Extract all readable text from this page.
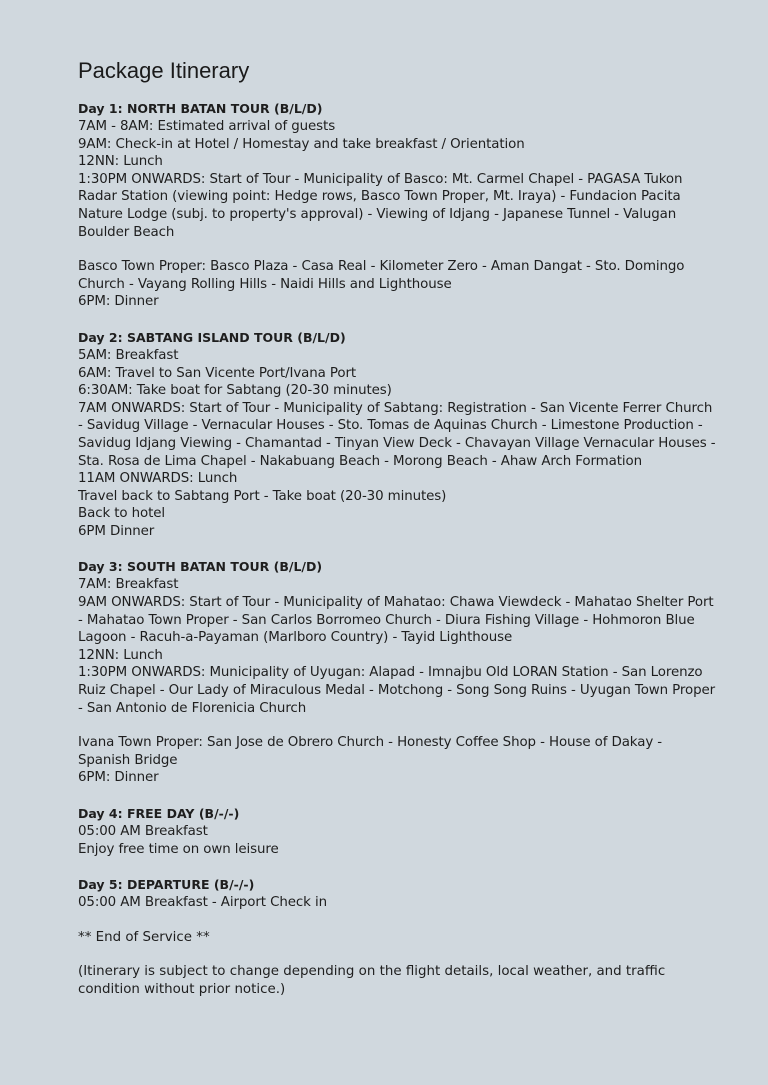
Package Itinerary

Day 1: NORTH BATAN TOUR (B/L/D)

7AM - 8AM: Estimated arrival of guests

9AM: Check-in at Hotel / Homestay and take breakfast / Orientation

12NN: Lunch

1:30PM ONWARDS: Start of Tour - Municipality of Basco: Mt. Carmel Chapel - PAGASA Tukon Radar Station (viewing point: Hedge rows, Basco Town Proper, Mt. Iraya) - Fundacion Pacita Nature Lodge (subj. to property's approval) - Viewing of Idjang - Japanese Tunnel - Valugan Boulder Beach

Basco Town Proper: Basco Plaza - Casa Real - Kilometer Zero - Aman Dangat - Sto. Domingo Church - Vayang Rolling Hills - Naidi Hills and Lighthouse

6PM: Dinner

Day 2: SABTANG ISLAND TOUR (B/L/D)

5AM: Breakfast

6AM: Travel to San Vicente Port/Ivana Port

6:30AM: Take boat for Sabtang (20-30 minutes)

7AM ONWARDS: Start of Tour - Municipality of Sabtang: Registration - San Vicente Ferrer Church - Savidug Village - Vernacular Houses - Sto. Tomas de Aquinas Church - Limestone Production - Savidug Idjang Viewing - Chamantad - Tinyan View Deck - Chavayan Village Vernacular Houses - Sta. Rosa de Lima Chapel - Nakabuang Beach - Morong Beach - Ahaw Arch Formation

11AM ONWARDS: Lunch

Travel back to Sabtang Port - Take boat (20-30 minutes)

Back to hotel

6PM Dinner

Day 3: SOUTH BATAN TOUR (B/L/D)

7AM: Breakfast

9AM ONWARDS: Start of Tour - Municipality of Mahatao: Chawa Viewdeck - Mahatao Shelter Port - Mahatao Town Proper - San Carlos Borromeo Church - Diura Fishing Village - Hohmoron Blue Lagoon - Racuh-a-Payaman (Marlboro Country) - Tayid Lighthouse

12NN: Lunch

1:30PM ONWARDS: Municipality of Uyugan: Alapad - Imnajbu Old LORAN Station - San Lorenzo Ruiz Chapel - Our Lady of Miraculous Medal - Motchong - Song Song Ruins - Uyugan Town Proper - San Antonio de Florenicia Church

Ivana Town Proper: San Jose de Obrero Church - Honesty Coffee Shop - House of Dakay - Spanish Bridge

6PM: Dinner

Day 4: FREE DAY (B/-/-)

05:00 AM Breakfast

Enjoy free time on own leisure

Day 5: DEPARTURE (B/-/-)

05:00 AM Breakfast - Airport Check in

** End of Service **

(Itinerary is subject to change depending on the flight details, local weather, and traffic condition without prior notice.)
